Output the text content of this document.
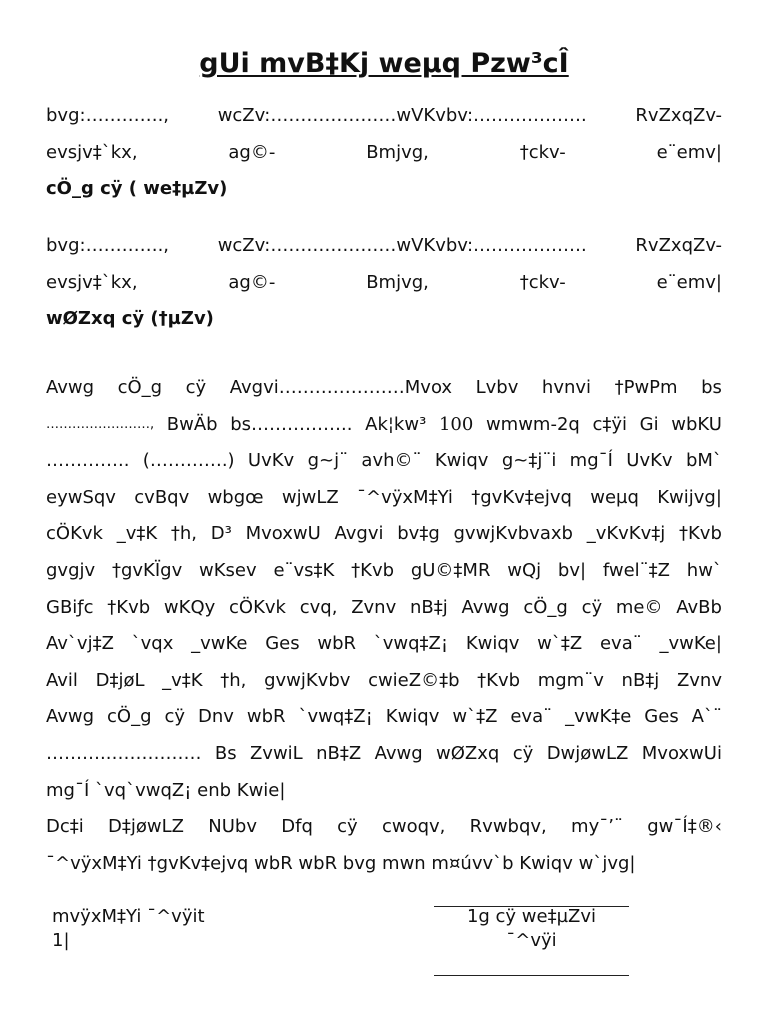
gUi mvB‡Kj weµq Pzw³cÎ
bvg:………….,	wcZv:…………………wVKvbv:……………….	RvZxqZv-
evsjv‡`kx,	ag©-	Bmjvg,	†ckv-	e¨emv|
cÖ_g cÿ ( we‡µZv)
bvg:………….,	wcZv:…………………wVKvbv:……………….	RvZxqZv-
evsjv‡`kx,	ag©-	Bmjvg,	†ckv-	e¨emv|
wØZxq cÿ (†µZv)
Avwg cÖ_g cÿ Avgvi…………………Mvox Lvbv hvnvi †PwPm bs
……………………, BwÄb bs…………….. Ak¦kw³ 100 wmwm-2q c‡ÿi Gi wbKU
………….. (………….) UvKv g~j¨ avh©¨ Kwiqv g~‡j¨i mg¯Í UvKv bM`
eywSqv cvBqv wbgœ wjwLZ ¯^vÿxM‡Yi †gvKv‡ejvq weµq Kwijvg|
cÖKvk _v‡K †h, D³ MvoxwU Avgvi bv‡g gvwjKvbvaxb _vKvKv‡j †Kvb
gvgjv †gvKÏgv wKsev e¨vs‡K †Kvb gU©‡MR wQj bv| fwel¨‡Z hw`
GBiƒc †Kvb wKQy cÖKvk cvq, Zvnv nB‡j Avwg cÖ_g cÿ me© AvBb
Av`vj‡Z `vqx _vwKe Ges wbR `vwq‡Z¡ Kwiqv w`‡Z eva¨ _vwKe|
Avil D‡jøL _v‡K †h, gvwjKvbv cwieZ©‡b †Kvb mgm¨v nB‡j Zvnv
Avwg cÖ_g cÿ Dnv wbR `vwq‡Z¡ Kwiqv w`‡Z eva¨ _vwK‡e Ges A`¨
………..…………… Bs ZvwiL nB‡Z Avwg wØZxq cÿ DwjøwLZ MvoxwUi
mg¯Í `vq`vwqZ¡ enb Kwie|
Dc‡i D‡jøwLZ NUbv Dfq cÿ cwoqv, Rvwbqv, my¯’¨ gw¯Í‡®‹
¯^vÿxM‡Yi †gvKv‡ejvq wbR wbR bvg mwn m¤úvv`b Kwiqv w`jvg|
mvÿxM‡Yi ¯^vÿit
1|
1g cÿ we‡µZvi
¯^vÿi
